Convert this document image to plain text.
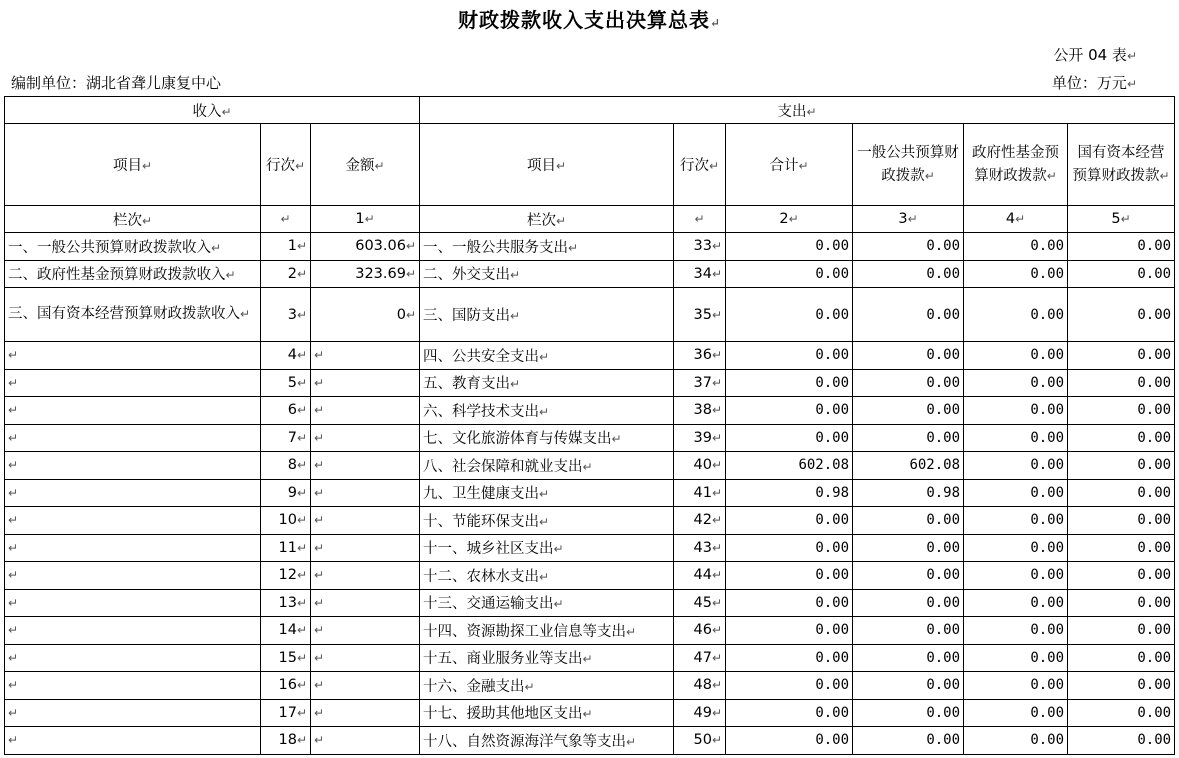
财政拨款收入支出决算总表↵
公开 04 表↵
编制单位：湖北省聋儿康复中心	单位：万元↵
收入↵			支出↵					
项目↵	行次↵	金额↵	项目↵	行次↵	合计↵	一般公共预算财政拨款↵	政府性基金预算财政拨款↵	国有资本经营预算财政拨款↵
栏次↵	↵	1↵	栏次↵	↵	2↵	3↵	4↵	5↵
一、一般公共预算财政拨款收入↵	1↵	603.06↵	一、一般公共服务支出↵	33↵	0.00	0.00	0.00	0.00
二、政府性基金预算财政拨款收入↵	2↵	323.69↵	二、外交支出↵	34↵	0.00	0.00	0.00	0.00
三、国有资本经营预算财政拨款收入↵	3↵	0↵	三、国防支出↵	35↵	0.00	0.00	0.00	0.00
↵	4↵	↵	四、公共安全支出↵	36↵	0.00	0.00	0.00	0.00
↵	5↵	↵	五、教育支出↵	37↵	0.00	0.00	0.00	0.00
↵	6↵	↵	六、科学技术支出↵	38↵	0.00	0.00	0.00	0.00
↵	7↵	↵	七、文化旅游体育与传媒支出↵	39↵	0.00	0.00	0.00	0.00
↵	8↵	↵	八、社会保障和就业支出↵	40↵	602.08	602.08	0.00	0.00
↵	9↵	↵	九、卫生健康支出↵	41↵	0.98	0.98	0.00	0.00
↵	10↵	↵	十、节能环保支出↵	42↵	0.00	0.00	0.00	0.00
↵	11↵	↵	十一、城乡社区支出↵	43↵	0.00	0.00	0.00	0.00
↵	12↵	↵	十二、农林水支出↵	44↵	0.00	0.00	0.00	0.00
↵	13↵	↵	十三、交通运输支出↵	45↵	0.00	0.00	0.00	0.00
↵	14↵	↵	十四、资源勘探工业信息等支出↵	46↵	0.00	0.00	0.00	0.00
↵	15↵	↵	十五、商业服务业等支出↵	47↵	0.00	0.00	0.00	0.00
↵	16↵	↵	十六、金融支出↵	48↵	0.00	0.00	0.00	0.00
↵	17↵	↵	十七、援助其他地区支出↵	49↵	0.00	0.00	0.00	0.00
↵	18↵	↵	十八、自然资源海洋气象等支出↵	50↵	0.00	0.00	0.00	0.00
